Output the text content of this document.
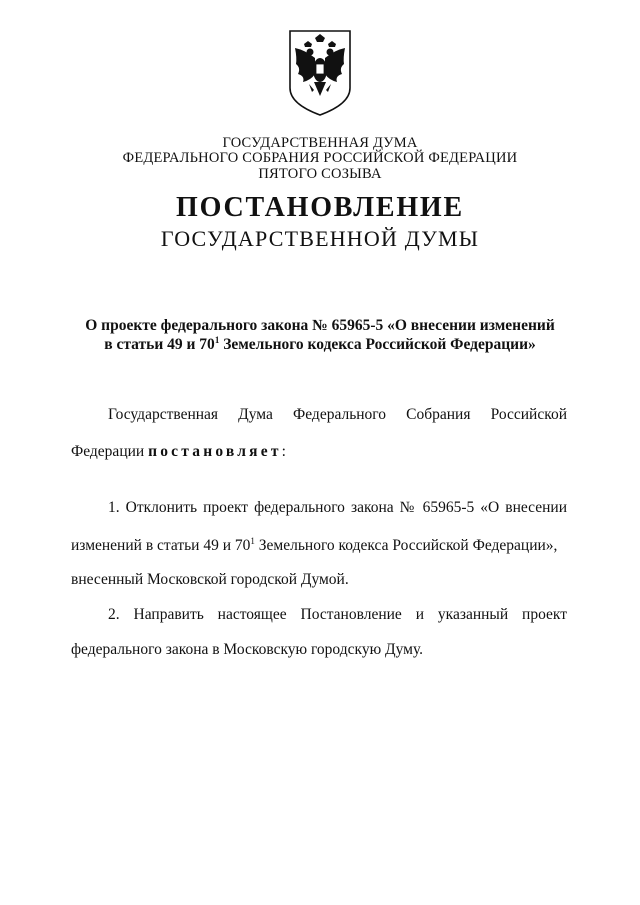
ГОСУДАРСТВЕННАЯ ДУМА
ФЕДЕРАЛЬНОГО СОБРАНИЯ РОССИЙСКОЙ ФЕДЕРАЦИИ
ПЯТОГО СОЗЫВА
ПОСТАНОВЛЕНИЕ
ГОСУДАРСТВЕННОЙ ДУМЫ
О проекте федерального закона № 65965-5 «О внесении изменений
в статьи 49 и $70^1$ Земельного кодекса Российской Федерации»
Государственная Дума Федерального Собрания Российской
Федерации постановляет:
1. Отклонить проект федерального закона № 65965-5 «О внесении
изменений в статьи 49 и $70^1$ Земельного кодекса Российской Федерации»,
внесенный Московской городской Думой.
2. Направить настоящее Постановление и указанный проект
федерального закона в Московскую городскую Думу.
